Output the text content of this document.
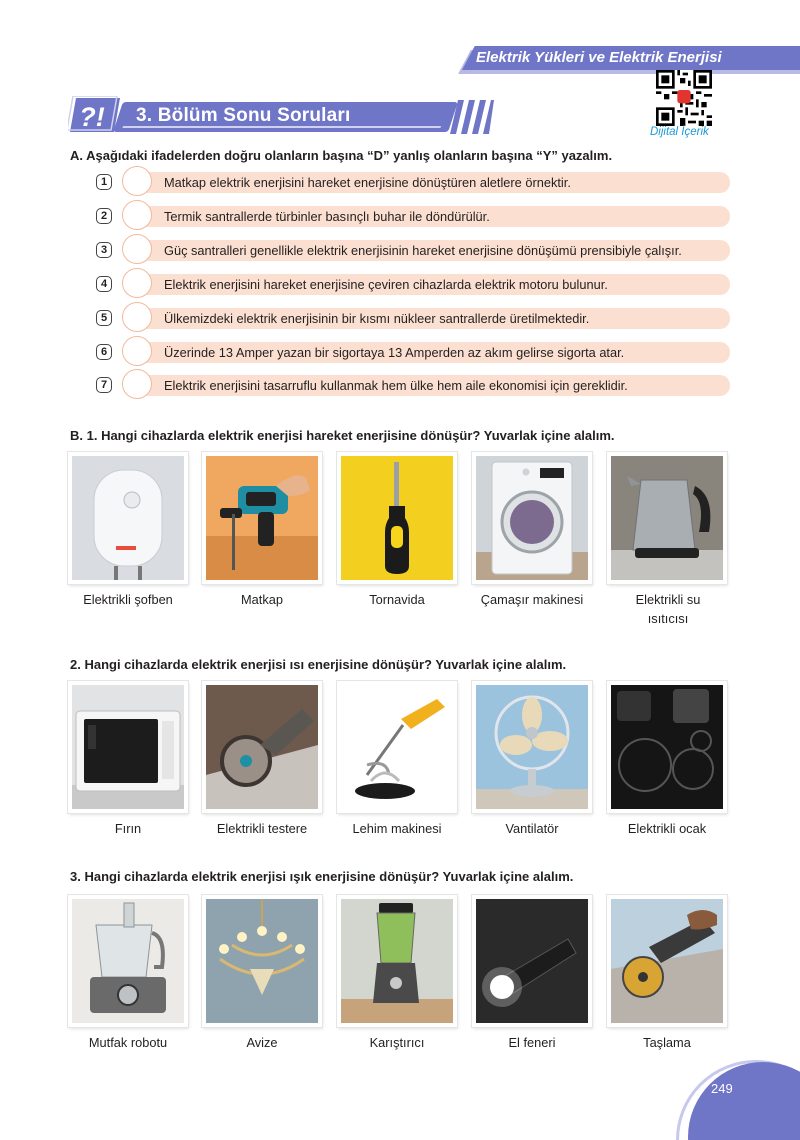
Elektrik Yükleri ve Elektrik Enerjisi
Dijital İçerik
?! 3. Bölüm Sonu Soruları
A. Aşağıdaki ifadelerden doğru olanların başına “D” yanlış olanların başına “Y” yazalım.
1	Matkap elektrik enerjisini hareket enerjisine dönüştüren aletlere örnektir.
2	Termik santrallerde türbinler basınçlı buhar ile döndürülür.
3	Güç santralleri genellikle elektrik enerjisinin hareket enerjisine dönüşümü prensibiyle çalışır.
4	Elektrik enerjisini hareket enerjisine çeviren cihazlarda elektrik motoru bulunur.
5	Ülkemizdeki elektrik enerjisinin bir kısmı nükleer santrallerde üretilmektedir.
6	Üzerinde 13 Amper yazan bir sigortaya 13 Amperden az akım gelirse sigorta atar.
7	Elektrik enerjisini tasarruflu kullanmak hem ülke hem aile ekonomisi için gereklidir.
B. 1. Hangi cihazlarda elektrik enerjisi hareket enerjisine dönüşür? Yuvarlak içine alalım.
Elektrikli şofben	Matkap	Tornavida	Çamaşır makinesi	Elektrikli su ısıtıcısı
2. Hangi cihazlarda elektrik enerjisi ısı enerjisine dönüşür? Yuvarlak içine alalım.
Fırın	Elektrikli testere	Lehim makinesi	Vantilatör	Elektrikli ocak
3. Hangi cihazlarda elektrik enerjisi ışık enerjisine dönüşür? Yuvarlak içine alalım.
Mutfak robotu	Avize	Karıştırıcı	El feneri	Taşlama
249
